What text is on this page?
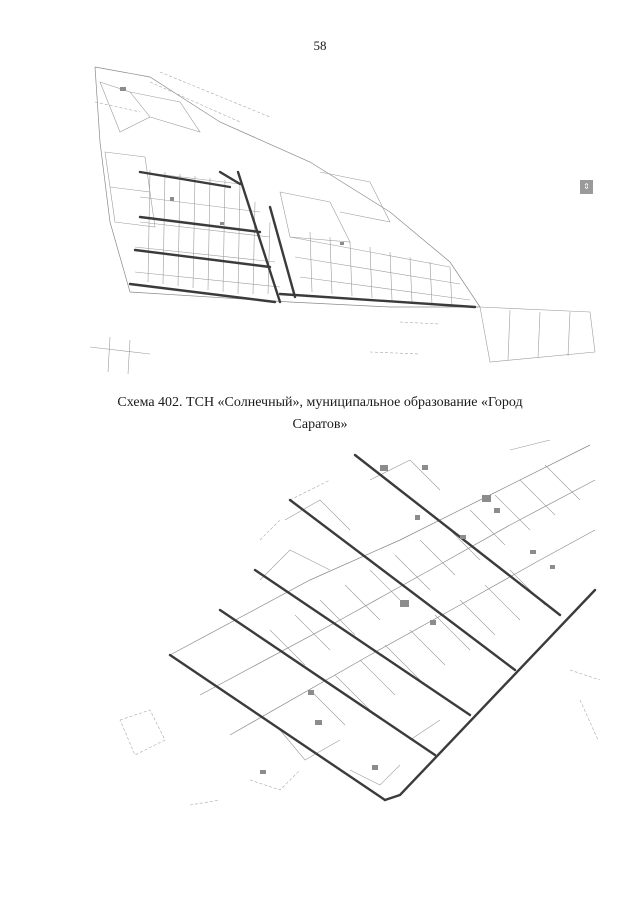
58
⇕
Схема 402. ТСН «Солнечный», муниципальное образование «Город
Саратов»
